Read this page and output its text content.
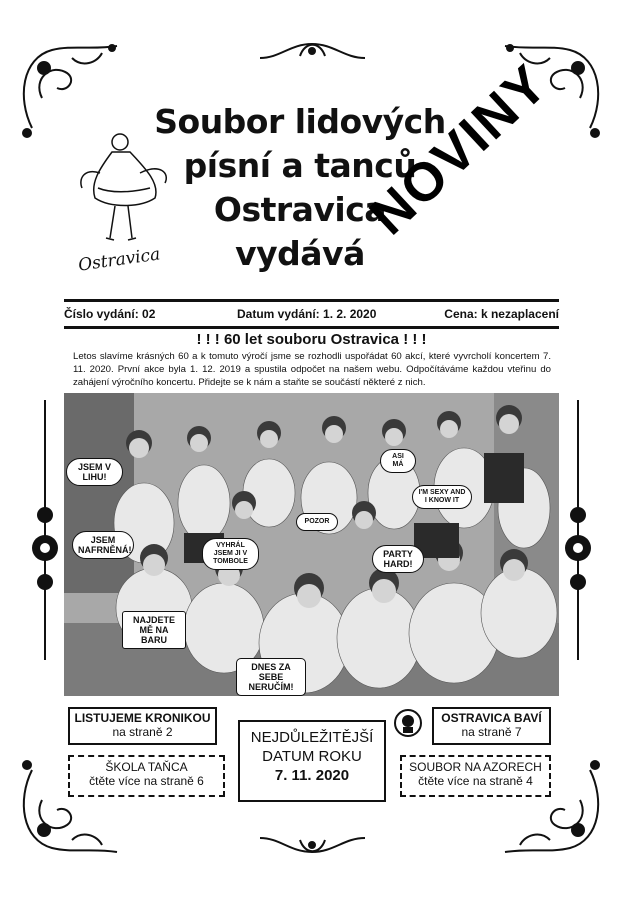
Ostravica
Soubor lidových
písní a tanců
Ostravica
vydává
NOVINY
Číslo vydání: 02	Datum vydání: 1. 2. 2020	Cena: k nezaplacení
! ! ! 60 let souboru Ostravica ! ! !
Letos slavíme krásných 60 a k tomuto výročí jsme se rozhodli uspořádat 60 akcí, které vyvrcholí koncertem 7. 11. 2020. První akce byla 1. 12. 2019 a spustila odpočet na našem webu. Odpočítáváme každou vteřinu do zahájení výročního koncertu. Přidejte se k nám a staňte se součástí některé z nich.
JSEM V LIHU!
JSEM NAFRNĚNÁ!	VYHRÁL JSEM JI V TOMBOLE
POZOR
NAJDETE MĚ NA BARU
DNES ZA SEBE NERUČÍM!
PARTY HARD!
I'M SEXY AND I KNOW IT
ASI MÁ
LISTUJEME KRONIKOU
na straně 2
ŠKOLA TAŇCA
čtěte více na straně 6
NEJDŮLEŽITĚJŠÍ
DATUM ROKU
7. 11. 2020
OSTRAVICA BAVÍ
na straně 7
SOUBOR NA AZORECH
čtěte více na straně 4
